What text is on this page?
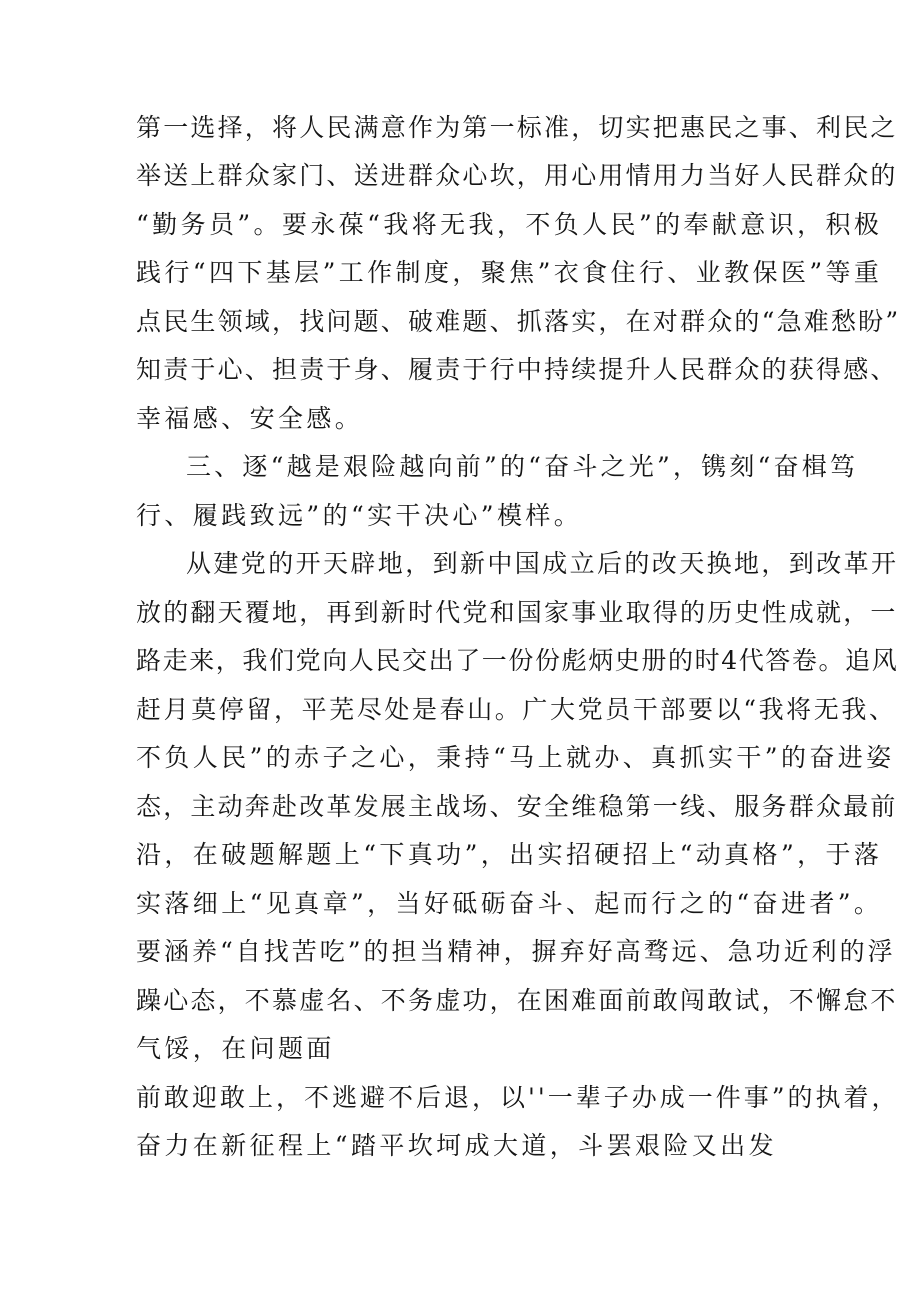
第一选择，将人民满意作为第一标准，切实把惠民之事、利民之
举送上群众家门、送进群众心坎，用心用情用力当好人民群众的
“勤务员”。要永葆“我将无我，不负人民”的奉献意识，积极
践行“四下基层”工作制度，聚焦”衣食住行、业教保医”等重
点民生领域，找问题、破难题、抓落实，在对群众的“急难愁盼”
知责于心、担责于身、履责于行中持续提升人民群众的获得感、
幸福感、安全感。
三、逐“越是艰险越向前”的“奋斗之光”，镌刻“奋楫笃
行、履践致远”的“实干决心”模样。
从建党的开天辟地，到新中国成立后的改天换地，到改革开
放的翻天覆地，再到新时代党和国家事业取得的历史性成就，一
路走来，我们党向人民交出了一份份彪炳史册的时4代答卷。追风
赶月莫停留，平芜尽处是春山。广大党员干部要以“我将无我、
不负人民”的赤子之心，秉持“马上就办、真抓实干”的奋进姿
态，主动奔赴改革发展主战场、安全维稳第一线、服务群众最前
沿，在破题解题上“下真功”，出实招硬招上“动真格”，于落
实落细上“见真章”，当好砥砺奋斗、起而行之的“奋进者”。
要涵养“自找苦吃”的担当精神，摒弃好高骛远、急功近利的浮
躁心态，不慕虚名、不务虚功，在困难面前敢闯敢试，不懈怠不
气馁，在问题面
前敢迎敢上，不逃避不后退，以''一辈子办成一件事”的执着，
奋力在新征程上“踏平坎坷成大道，斗罢艰险又出发
